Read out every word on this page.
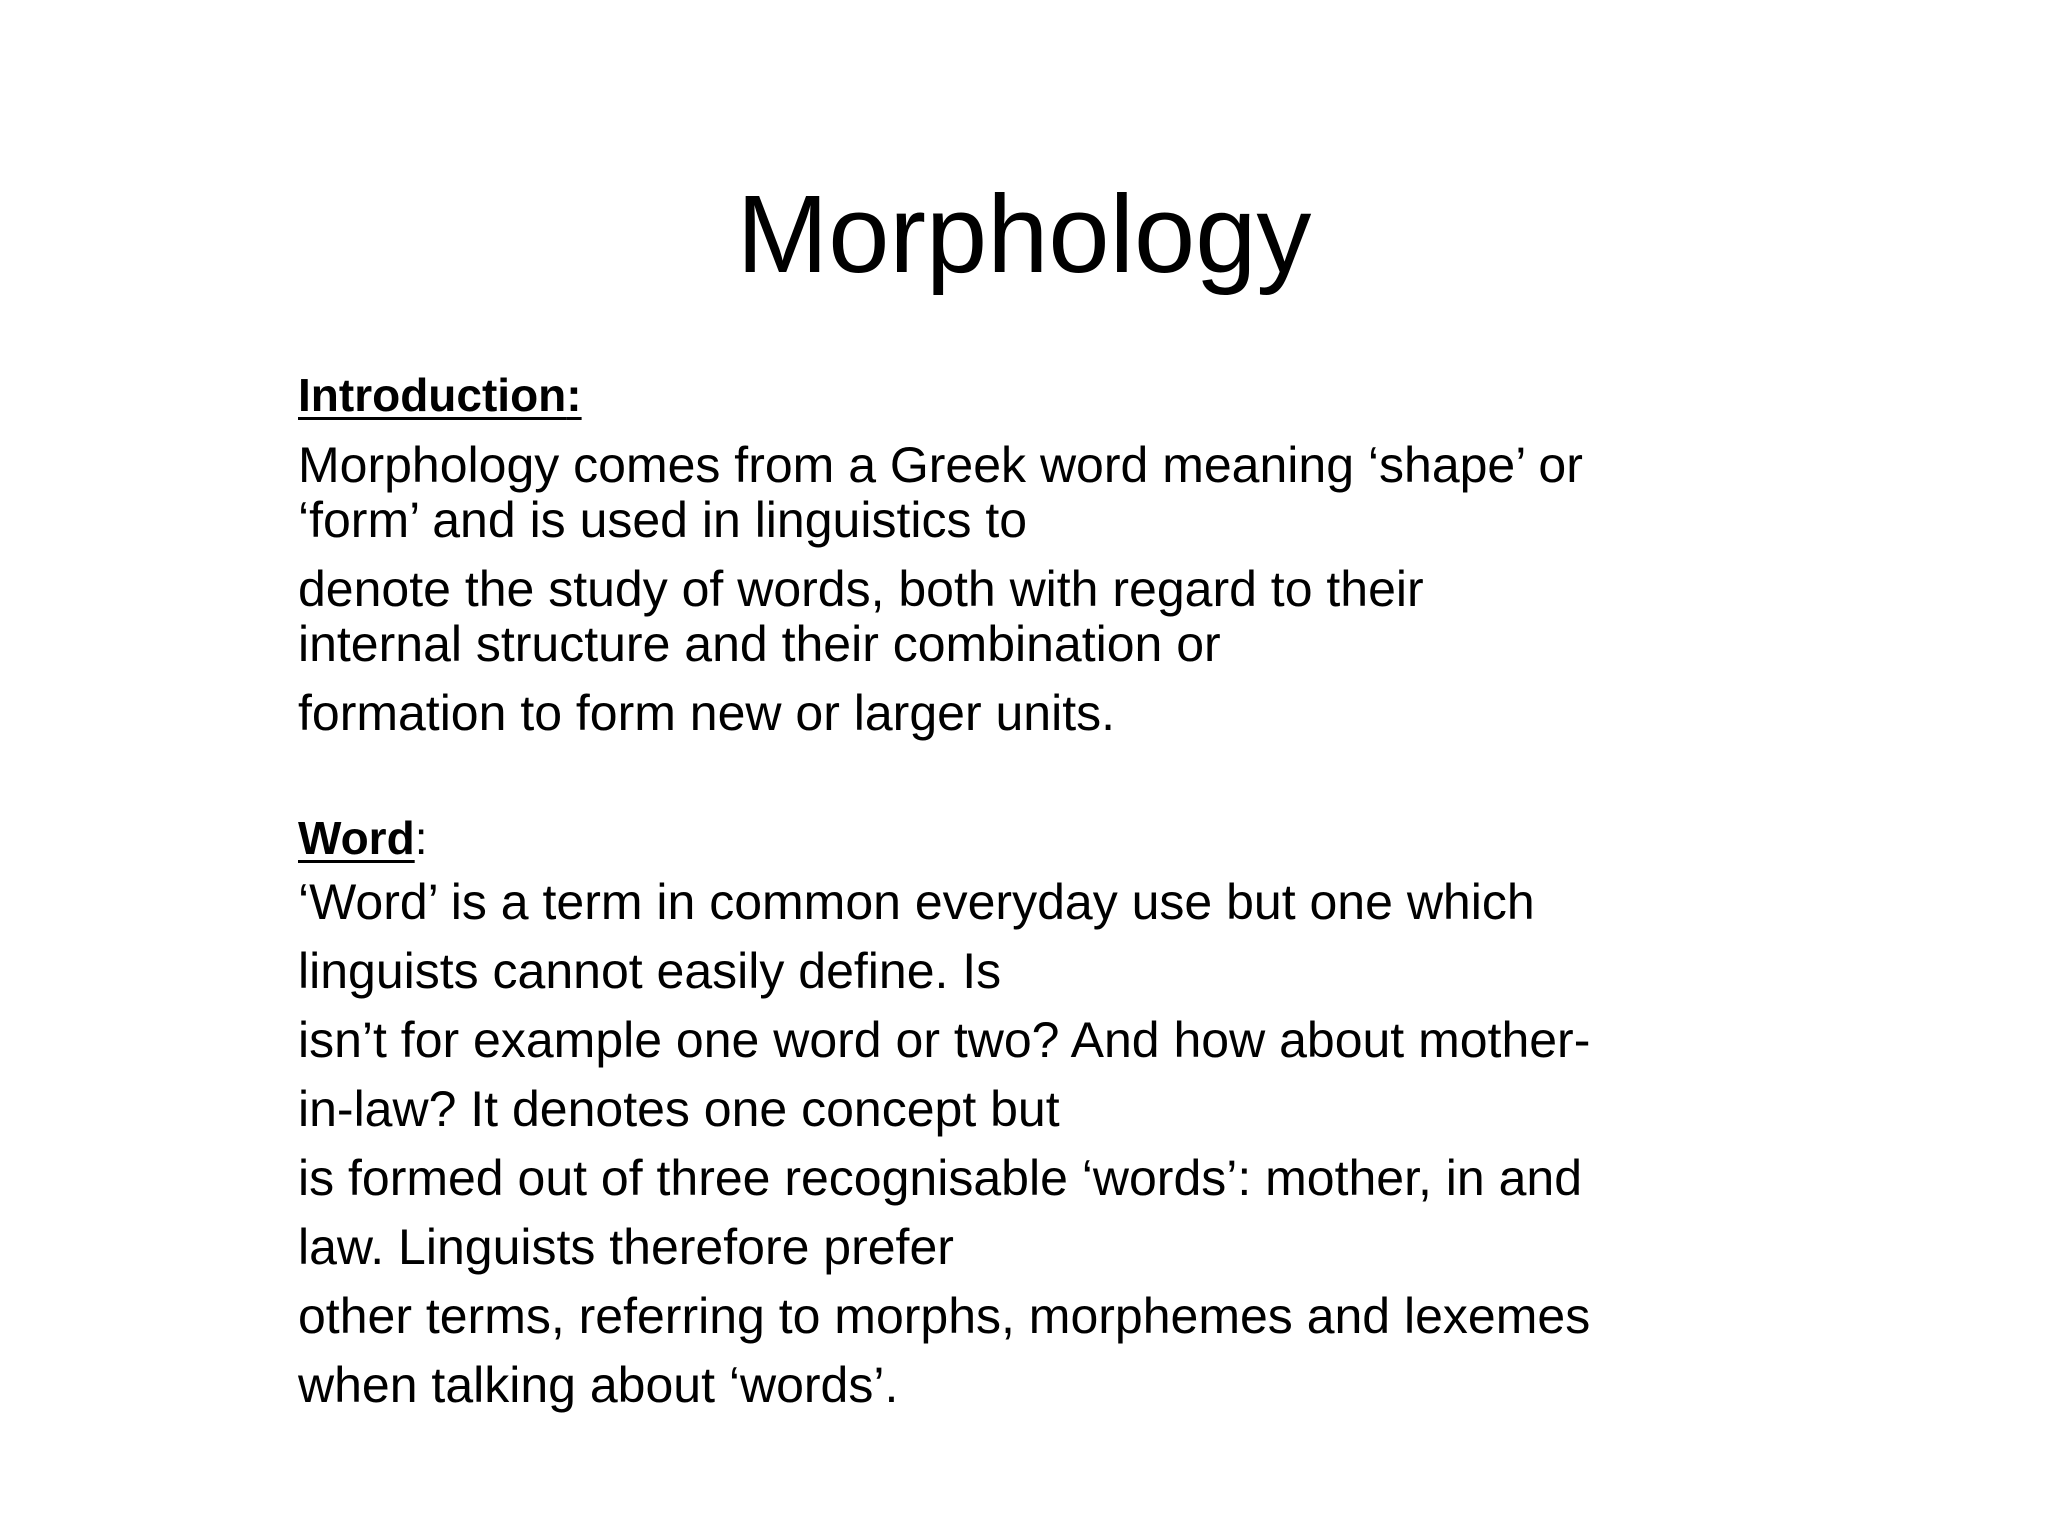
Morphology
Introduction:
Morphology comes from a Greek word meaning ‘shape’ or
‘form’ and is used in linguistics to
denote the study of words, both with regard to their
internal structure and their combination or
formation to form new or larger units.
Word:
‘Word’ is a term in common everyday use but one which
linguists cannot easily define. Is
isn’t for example one word or two? And how about mother-
in-law? It denotes one concept but
is formed out of three recognisable ‘words’: mother, in and
law. Linguists therefore prefer
other terms, referring to morphs, morphemes and lexemes
when talking about ‘words’.
